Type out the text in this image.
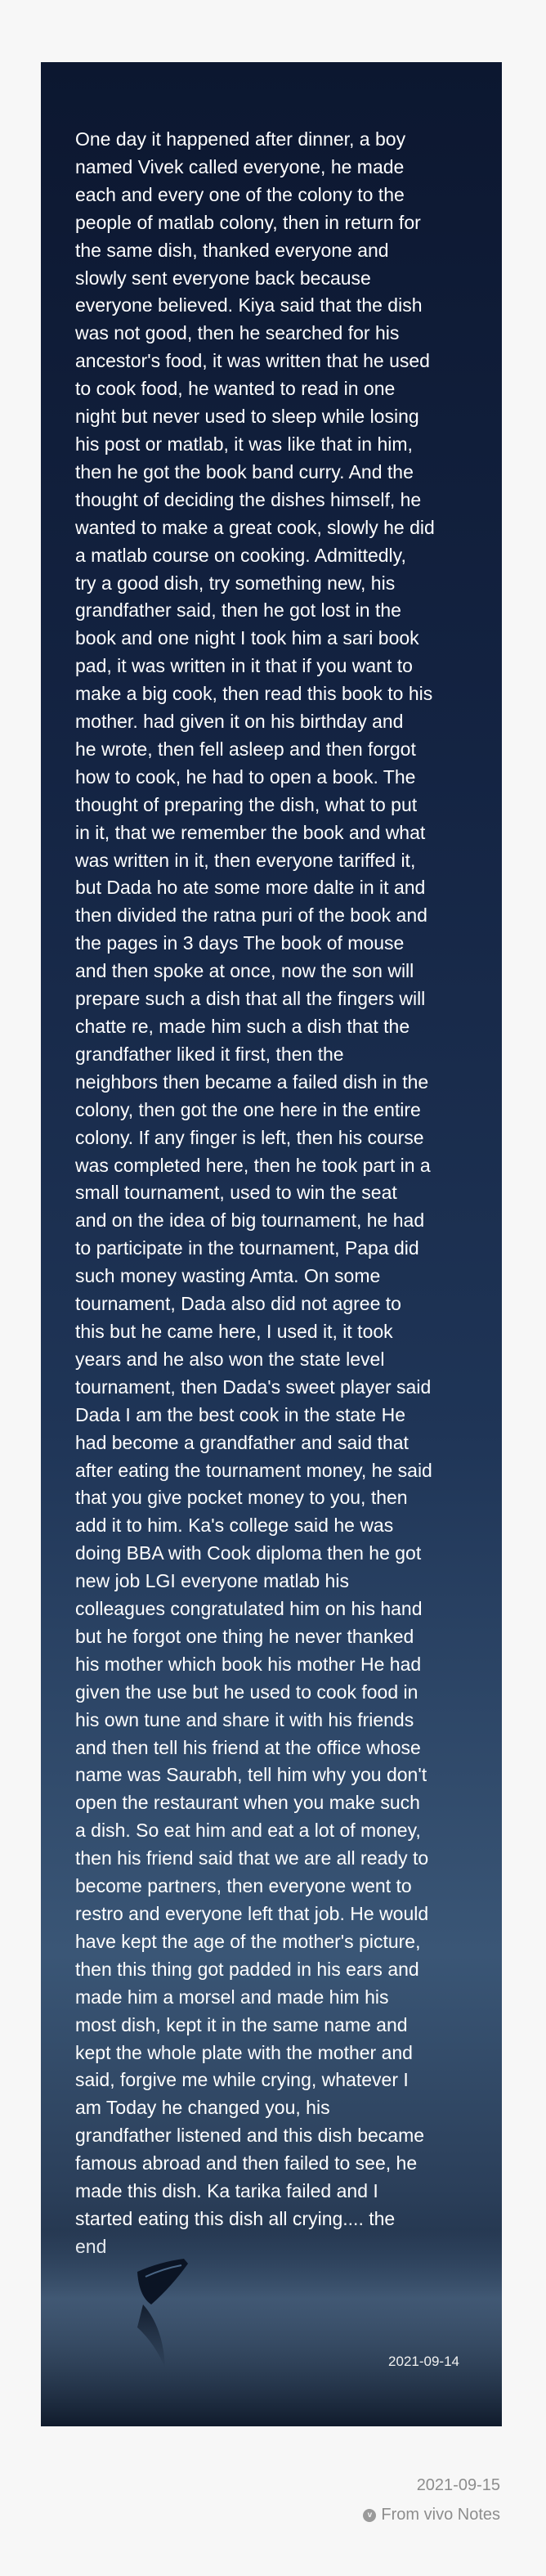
One day it happened after dinner, a boy
named Vivek called everyone, he made
each and every one of the colony to the
people of matlab colony, then in return for
the same dish, thanked everyone and
slowly sent everyone back because
everyone believed. Kiya said that the dish
was not good, then he searched for his
ancestor's food, it was written that he used
to cook food, he wanted to read in one
night but never used to sleep while losing
his post or matlab, it was like that in him,
then he got the book band curry. And the
thought of deciding the dishes himself, he
wanted to make a great cook, slowly he did
a matlab course on cooking. Admittedly,
try a good dish, try something new, his
grandfather said, then he got lost in the
book and one night I took him a sari book
pad, it was written in it that if you want to
make a big cook, then read this book to his
mother. had given it on his birthday and
he wrote, then fell asleep and then forgot
how to cook, he had to open a book. The
thought of preparing the dish, what to put
in it, that we remember the book and what
was written in it, then everyone tariffed it,
but Dada ho ate some more dalte in it and
then divided the ratna puri of the book and
the pages in 3 days The book of mouse
and then spoke at once, now the son will
prepare such a dish that all the fingers will
chatte re, made him such a dish that the
grandfather liked it first, then the
neighbors then became a failed dish in the
colony, then got the one here in the entire
colony. If any finger is left, then his course
was completed here, then he took part in a
small tournament, used to win the seat
and on the idea of big tournament, he had
to participate in the tournament, Papa did
such money wasting Amta. On some
tournament, Dada also did not agree to
this but he came here, I used it, it took
years and he also won the state level
tournament, then Dada's sweet player said
Dada I am the best cook in the state He
had become a grandfather and said that
after eating the tournament money, he said
that you give pocket money to you, then
add it to him. Ka's college said he was
doing BBA with Cook diploma then he got
new job LGI everyone matlab his
colleagues congratulated him on his hand
but he forgot one thing he never thanked
his mother which book his mother He had
given the use but he used to cook food in
his own tune and share it with his friends
and then tell his friend at the office whose
name was Saurabh, tell him why you don't
open the restaurant when you make such
a dish. So eat him and eat a lot of money,
then his friend said that we are all ready to
become partners, then everyone went to
restro and everyone left that job. He would
have kept the age of the mother's picture,
then this thing got padded in his ears and
made him a morsel and made him his
most dish, kept it in the same name and
kept the whole plate with the mother and
said, forgive me while crying, whatever I
am Today he changed you, his
grandfather listened and this dish became
famous abroad and then failed to see, he
made this dish. Ka tarika failed and I
started eating this dish all crying.... the

2021-09-14
2021-09-15
v From vivo Notes
